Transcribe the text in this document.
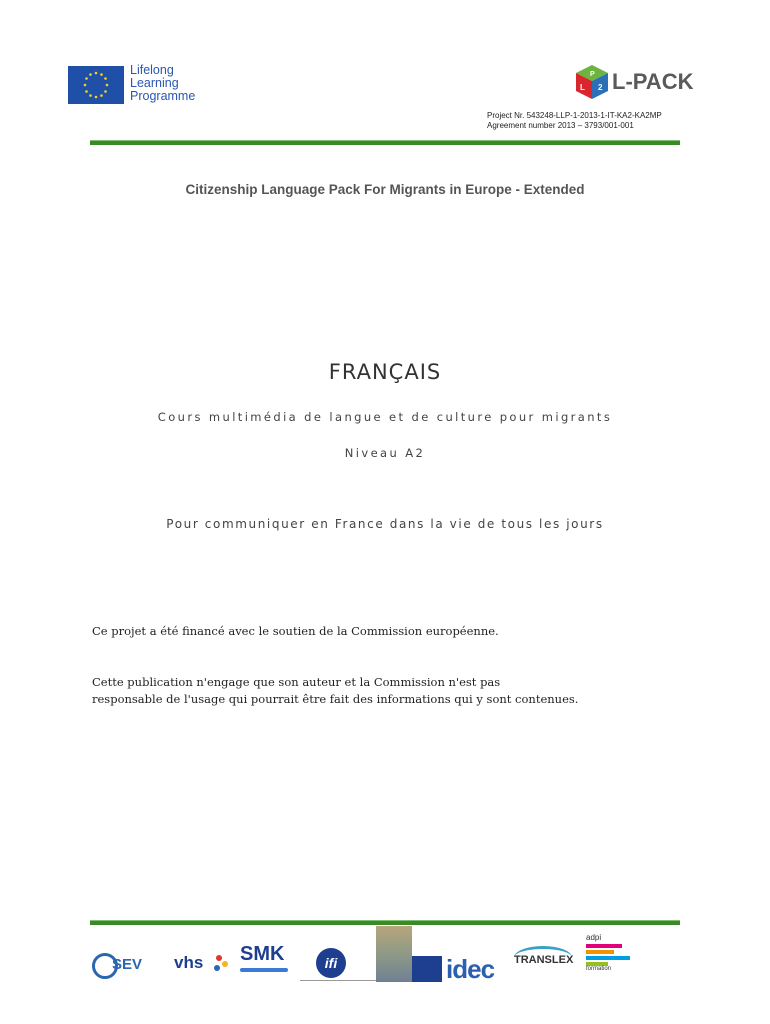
Lifelong
Learning
Programme
P
L 2 L-PACK
Project Nr. 543248-LLP-1-2013-1-IT-KA2-KA2MP
Agreement number 2013 – 3793/001-001
Citizenship Language Pack For Migrants in Europe - Extended
FRANÇAIS
Cours multimédia de langue et de culture pour migrants
Niveau A2
Pour communiquer en France dans la vie de tous les jours
Ce projet a été financé avec le soutien de la Commission européenne.
Cette publication n'engage que son auteur et la Commission n'est pas
responsable de l'usage qui pourrait être fait des informations qui y sont contenues.
SEV vhs SMK	ifi	idec TRANSLEX
adpi
formation
